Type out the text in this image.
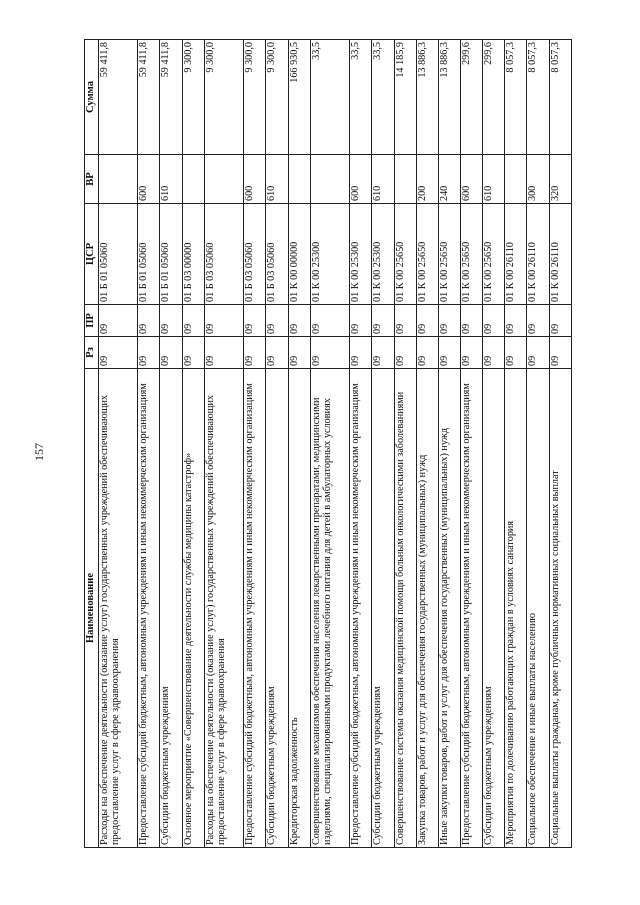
157
Наименование	Рз	ПР	ЦСР	ВР	Сумма
Расходы на обеспечение деятельности (оказание услуг) государственных учреждений обеспечивающих предоставление услуг в сфере здравоохранения	09	09	01 Б 01 05060		59 411,8
Предоставление субсидий бюджетным, автономным учреждениям и иным некоммерческим организациям	09	09	01 Б 01 05060	600	59 411,8
Субсидии бюджетным учреждениям	09	09	01 Б 01 05060	610	59 411,8
Основное мероприятие «Совершенствование деятельности службы медицины катастроф»	09	09	01 Б 03 00000		9 300,0
Расходы на обеспечение деятельности (оказание услуг) государственных учреждений обеспечивающих предоставление услуг в сфере здравоохранения	09	09	01 Б 03 05060		9 300,0
Предоставление субсидий бюджетным, автономным учреждениям и иным некоммерческим организациям	09	09	01 Б 03 05060	600	9 300,0
Субсидии бюджетным учреждениям	09	09	01 Б 03 05060	610	9 300,0
Кредиторская задолженность	09	09	01 К 00 00000		166 930,5
Совершенствование механизмов обеспечения населения лекарственными препаратами, медицинскими изделиями, специализированными продуктами лечебного питания для детей в амбулаторных условиях	09	09	01 К 00 25300		33,5
Предоставление субсидий бюджетным, автономным учреждениям и иным некоммерческим организациям	09	09	01 К 00 25300	600	33,5
Субсидии бюджетным учреждениям	09	09	01 К 00 25300	610	33,5
Совершенствование системы оказания медицинской помощи больным онкологическими заболеваниями	09	09	01 К 00 25650		14 185,9
Закупка товаров, работ и услуг для обеспечения государственных (муниципальных) нужд	09	09	01 К 00 25650	200	13 886,3
Иные закупки товаров, работ и услуг для обеспечения государственных (муниципальных) нужд	09	09	01 К 00 25650	240	13 886,3
Предоставление субсидий бюджетным, автономным учреждениям и иным некоммерческим организациям	09	09	01 К 00 25650	600	299,6
Субсидии бюджетным учреждениям	09	09	01 К 00 25650	610	299,6
Мероприятия по долечиванию работающих граждан в условиях санатория	09	09	01 К 00 26110		8 057,3
Социальное обеспечение и иные выплаты населению	09	09	01 К 00 26110	300	8 057,3
Социальные выплаты гражданам, кроме публичных нормативных социальных выплат	09	09	01 К 00 26110	320	8 057,3
